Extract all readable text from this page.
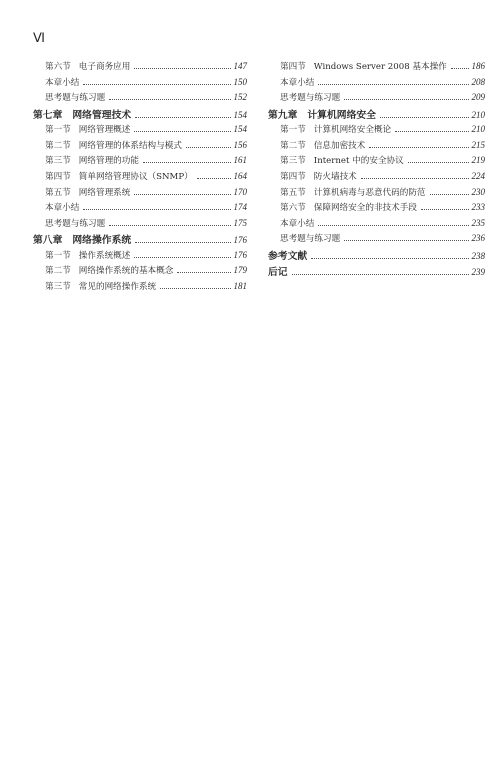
Ⅵ
第六节 电子商务应用	147
本章小结	150
思考题与练习题	152
第七章 网络管理技术	154
第一节 网络管理概述	154
第二节 网络管理的体系结构与模式	156
第三节 网络管理的功能	161
第四节 简单网络管理协议（SNMP）	164
第五节 网络管理系统	170
本章小结	174
思考题与练习题	175
第八章 网络操作系统	176
第一节 操作系统概述	176
第二节 网络操作系统的基本概念	179
第三节 常见的网络操作系统	181
第四节 Windows Server 2008 基本操作	186
本章小结	208
思考题与练习题	209
第九章 计算机网络安全	210
第一节 计算机网络安全概论	210
第二节 信息加密技术	215
第三节 Internet 中的安全协议	219
第四节 防火墙技术	224
第五节 计算机病毒与恶意代码的防范	230
第六节 保障网络安全的非技术手段	233
本章小结	235
思考题与练习题	236
参考文献	238
后记	239
